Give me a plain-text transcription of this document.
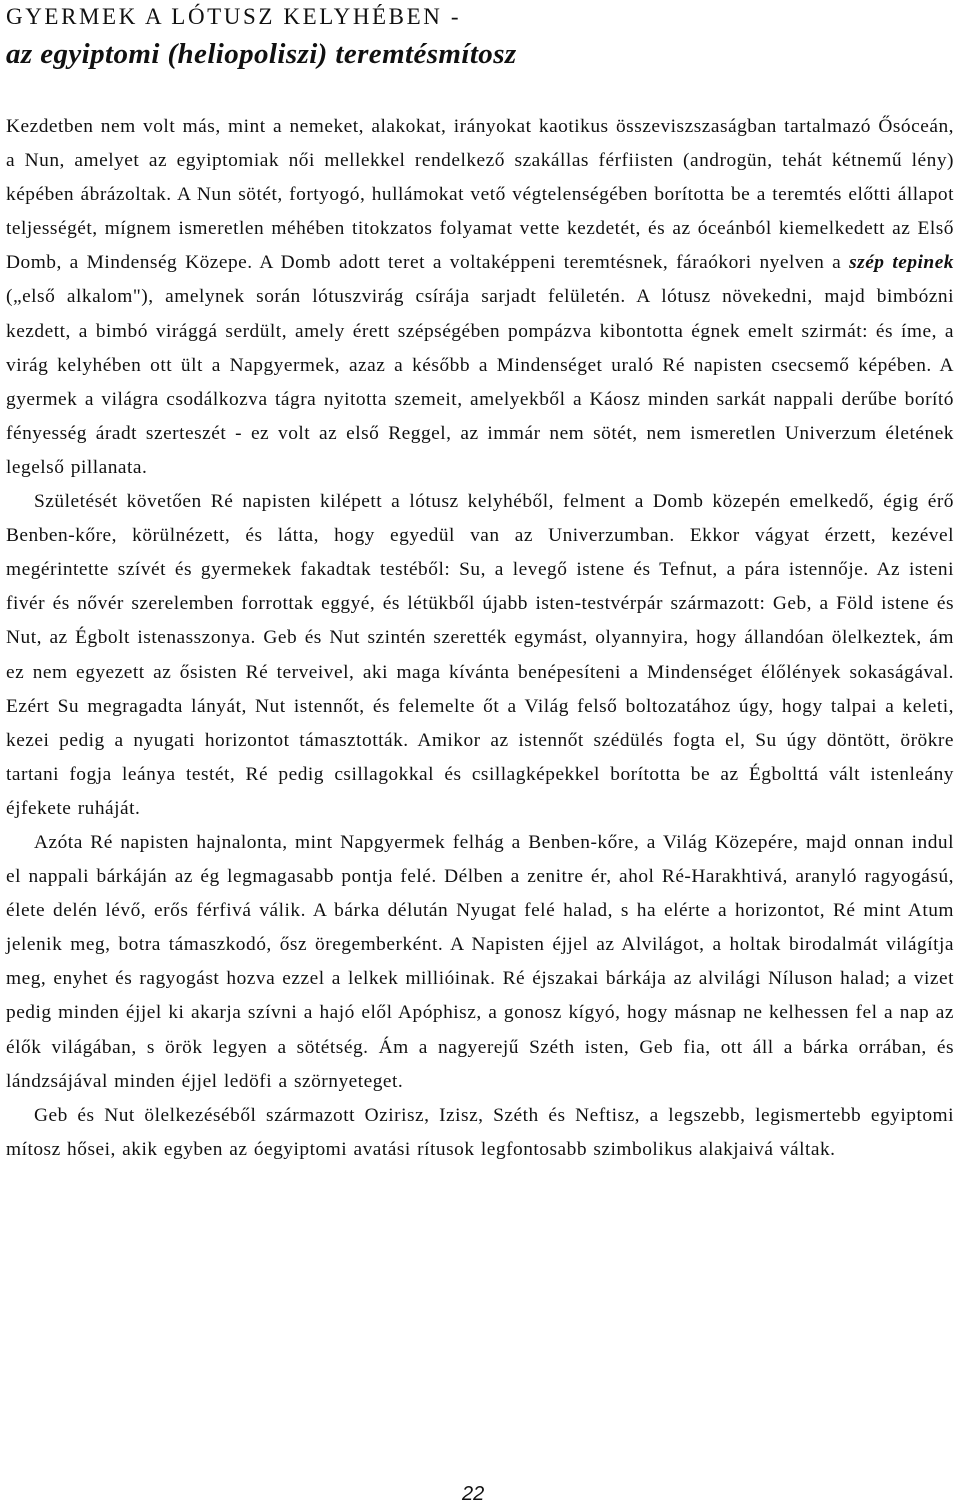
GYERMEK A LÓTUSZ KELYHÉBEN -
az egyiptomi (heliopoliszi) teremtésmítosz

Kezdetben nem volt más, mint a nemeket, alakokat, irányokat kaotikus összeviszszaságban tartalmazó Ősóceán, a Nun, amelyet az egyiptomiak női mellekkel rendelkező szakállas férfiisten (androgün, tehát kétnemű lény) képében ábrázoltak. A Nun sötét, fortyogó, hullámokat vető végtelenségében borította be a teremtés előtti állapot teljességét, mígnem ismeretlen méhében titokzatos folyamat vette kezdetét, és az óceánból kiemelkedett az Első Domb, a Mindenség Közepe. A Domb adott teret a voltaképpeni teremtésnek, fáraókori nyelven a szép tepinek („első alkalom"), amelynek során lótuszvirág csírája sarjadt felületén. A lótusz növekedni, majd bimbózni kezdett, a bimbó virággá serdült, amely érett szépségében pompázva kibontotta égnek emelt szirmát: és íme, a virág kelyhében ott ült a Napgyermek, azaz a később a Mindenséget uraló Ré napisten csecsemő képében. A gyermek a világra csodálkozva tágra nyitotta szemeit, amelyekből a Káosz minden sarkát nappali derűbe borító fényesség áradt szerteszét - ez volt az első Reggel, az immár nem sötét, nem ismeretlen Univerzum életének legelső pillanata.

Születését követően Ré napisten kilépett a lótusz kelyhéből, felment a Domb közepén emelkedő, égig érő Benben-kőre, körülnézett, és látta, hogy egyedül van az Univerzumban. Ekkor vágyat érzett, kezével megérintette szívét és gyermekek fakadtak testéből: Su, a levegő istene és Tefnut, a pára istennője. Az isteni fivér és nővér szerelemben forrottak eggyé, és létükből újabb isten-testvérpár származott: Geb, a Föld istene és Nut, az Égbolt istenasszonya. Geb és Nut szintén szerették egymást, olyannyira, hogy állandóan ölelkeztek, ám ez nem egyezett az ősisten Ré terveivel, aki maga kívánta benépesíteni a Mindenséget élőlények sokaságával. Ezért Su megragadta lányát, Nut istennőt, és felemelte őt a Világ felső boltozatához úgy, hogy talpai a keleti, kezei pedig a nyugati horizontot támasztották. Amikor az istennőt szédülés fogta el, Su úgy döntött, örökre tartani fogja leánya testét, Ré pedig csillagokkal és csillagképekkel borította be az Égbolttá vált istenleány éjfekete ruháját.

Azóta Ré napisten hajnalonta, mint Napgyermek felhág a Benben-kőre, a Világ Közepére, majd onnan indul el nappali bárkáján az ég legmagasabb pontja felé. Délben a zenitre ér, ahol Ré-Harakhtivá, aranyló ragyogású, élete delén lévő, erős férfivá válik. A bárka délután Nyugat felé halad, s ha elérte a horizontot, Ré mint Atum jelenik meg, botra támaszkodó, ősz öregemberként. A Napisten éjjel az Alvilágot, a holtak birodalmát világítja meg, enyhet és ragyogást hozva ezzel a lelkek millióinak. Ré éjszakai bárkája az alvilági Níluson halad; a vizet pedig minden éjjel ki akarja szívni a hajó elől Apóphisz, a gonosz kígyó, hogy másnap ne kelhessen fel a nap az élők világában, s örök legyen a sötétség. Ám a nagyerejű Széth isten, Geb fia, ott áll a bárka orrában, és lándzsájával minden éjjel ledöfi a szörnyeteget.

Geb és Nut ölelkezéséből származott Ozirisz, Izisz, Széth és Neftisz, a legszebb, legismertebb egyiptomi mítosz hősei, akik egyben az óegyiptomi avatási rítusok legfontosabb szimbolikus alakjaivá váltak.

22
